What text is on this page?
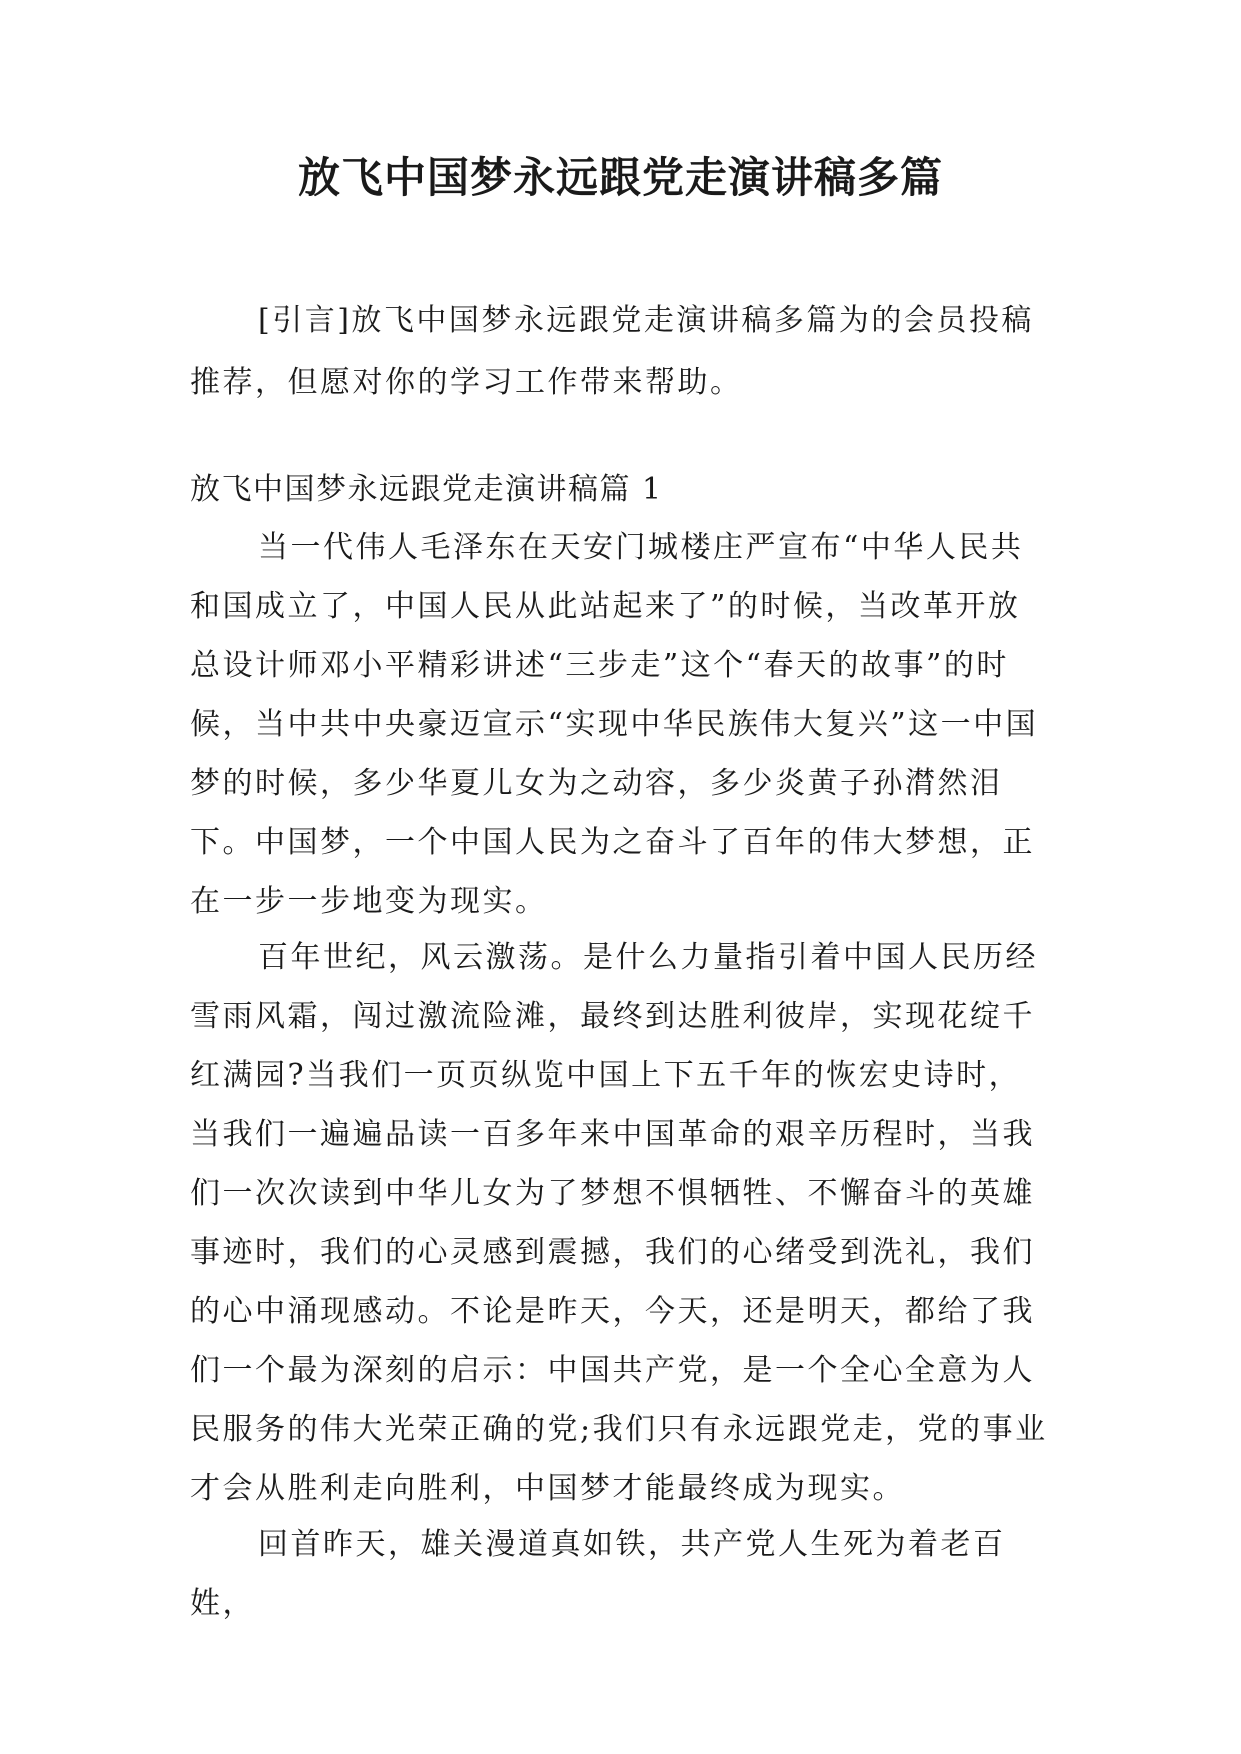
放飞中国梦永远跟党走演讲稿多篇

[引言]放飞中国梦永远跟党走演讲稿多篇为的会员投稿推荐，但愿对你的学习工作带来帮助。

放飞中国梦永远跟党走演讲稿篇 1

当一代伟人毛泽东在天安门城楼庄严宣布“中华人民共和国成立了，中国人民从此站起来了”的时候，当改革开放总设计师邓小平精彩讲述“三步走”这个“春天的故事”的时候，当中共中央豪迈宣示“实现中华民族伟大复兴”这一中国梦的时候，多少华夏儿女为之动容，多少炎黄子孙潸然泪下。中国梦，一个中国人民为之奋斗了百年的伟大梦想，正在一步一步地变为现实。

百年世纪，风云激荡。是什么力量指引着中国人民历经雪雨风霜，闯过激流险滩，最终到达胜利彼岸，实现花绽千红满园?当我们一页页纵览中国上下五千年的恢宏史诗时，当我们一遍遍品读一百多年来中国革命的艰辛历程时，当我们一次次读到中华儿女为了梦想不惧牺牲、不懈奋斗的英雄事迹时，我们的心灵感到震撼，我们的心绪受到洗礼，我们的心中涌现感动。不论是昨天，今天，还是明天，都给了我们一个最为深刻的启示：中国共产党，是一个全心全意为人民服务的伟大光荣正确的党;我们只有永远跟党走，党的事业才会从胜利走向胜利，中国梦才能最终成为现实。

回首昨天，雄关漫道真如铁，共产党人生死为着老百姓，
